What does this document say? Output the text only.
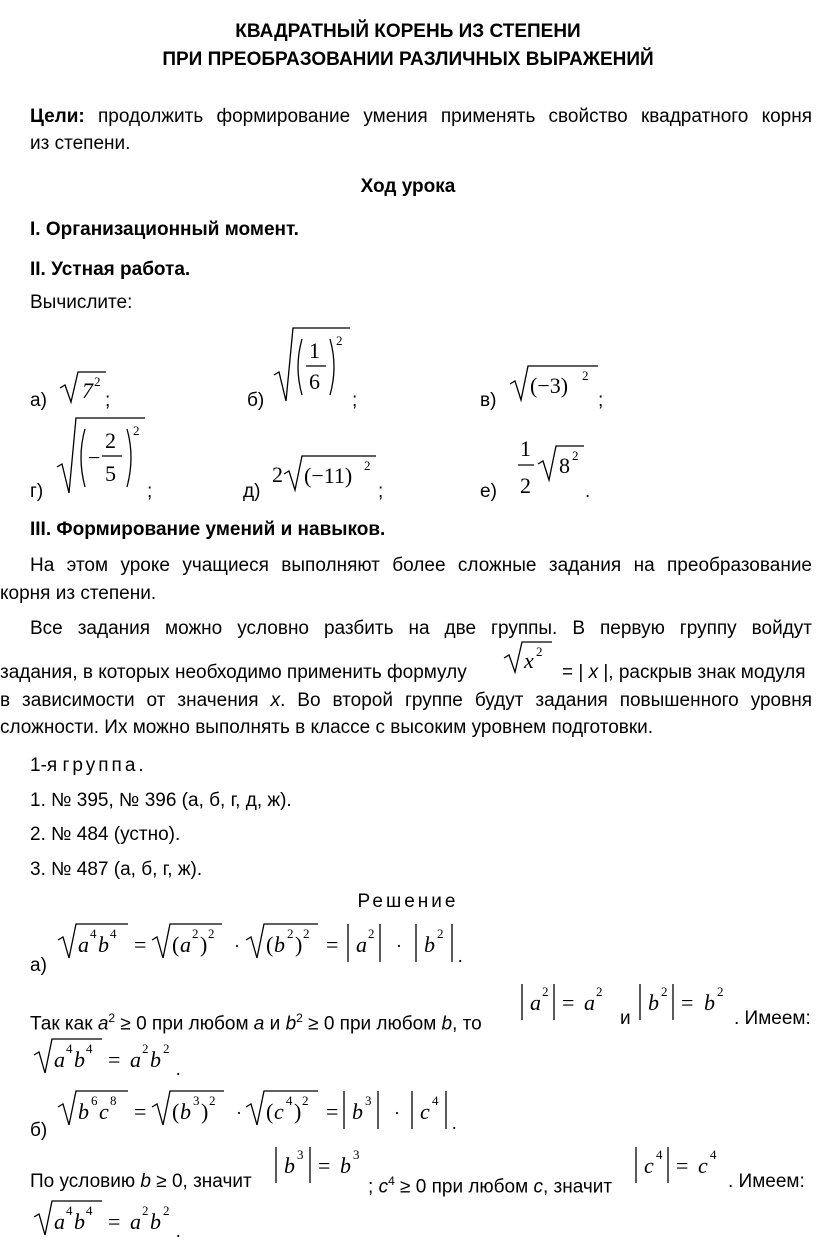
КВАДРАТНЫЙ КОРЕНЬ ИЗ СТЕПЕНИ
ПРИ ПРЕОБРАЗОВАНИИ РАЗЛИЧНЫХ ВЫРАЖЕНИЙ
Цели: продолжить формирование умения применять свойство квадратного корня
из степени.
Ход урока
I. Организационный момент.
II. Устная работа.
Вычислите:
а) 7 2
;	б)
1
6
2
;	в)
(−3) 2
;
г)
−
2
5
2
;	д)
2 (−11) 2
;	е)
1
2
8 2
.
III. Формирование умений и навыков.
На этом уроке учащиеся выполняют более сложные задания на преобразование
корня из степени.
Все задания можно условно разбить на две группы. В первую группу войдут
задания, в которых необходимо применить формулу	x 2
= | x |, раскрыв знак модуля
в зависимости от значения x. Во второй группе будут задания повышенного уровня
сложности. Их можно выполнять в классе с высоким уровнем подготовки.
1-я группа.
1. № 395, № 396 (а, б, г, д, ж).
2. № 484 (устно).
3. № 487 (а, б, г, ж).
Решение
а)
a 4 b 4 = ( a 2 ) 2
· ( b 2 ) 2 = a 2
· b 2
.
Так как $a^2 \ge 0$ при любом a и $b^2 \ge 0$ при любом b, то
a 2 = a 2
и
b 2 = b 2
. Имеем:
a 4 b 4 = a 2 b 2
.
б)
b 6 c 8 = ( b 3 ) 2
· ( c 4 ) 2 = b 3
· c 4
.
По условию b ≥ 0, значит
b 3 = b 3
; $c^4 \ge 0$ при любом c, значит
c 4 = c 4
. Имеем:
a 4 b 4 = a 2 b 2
.
